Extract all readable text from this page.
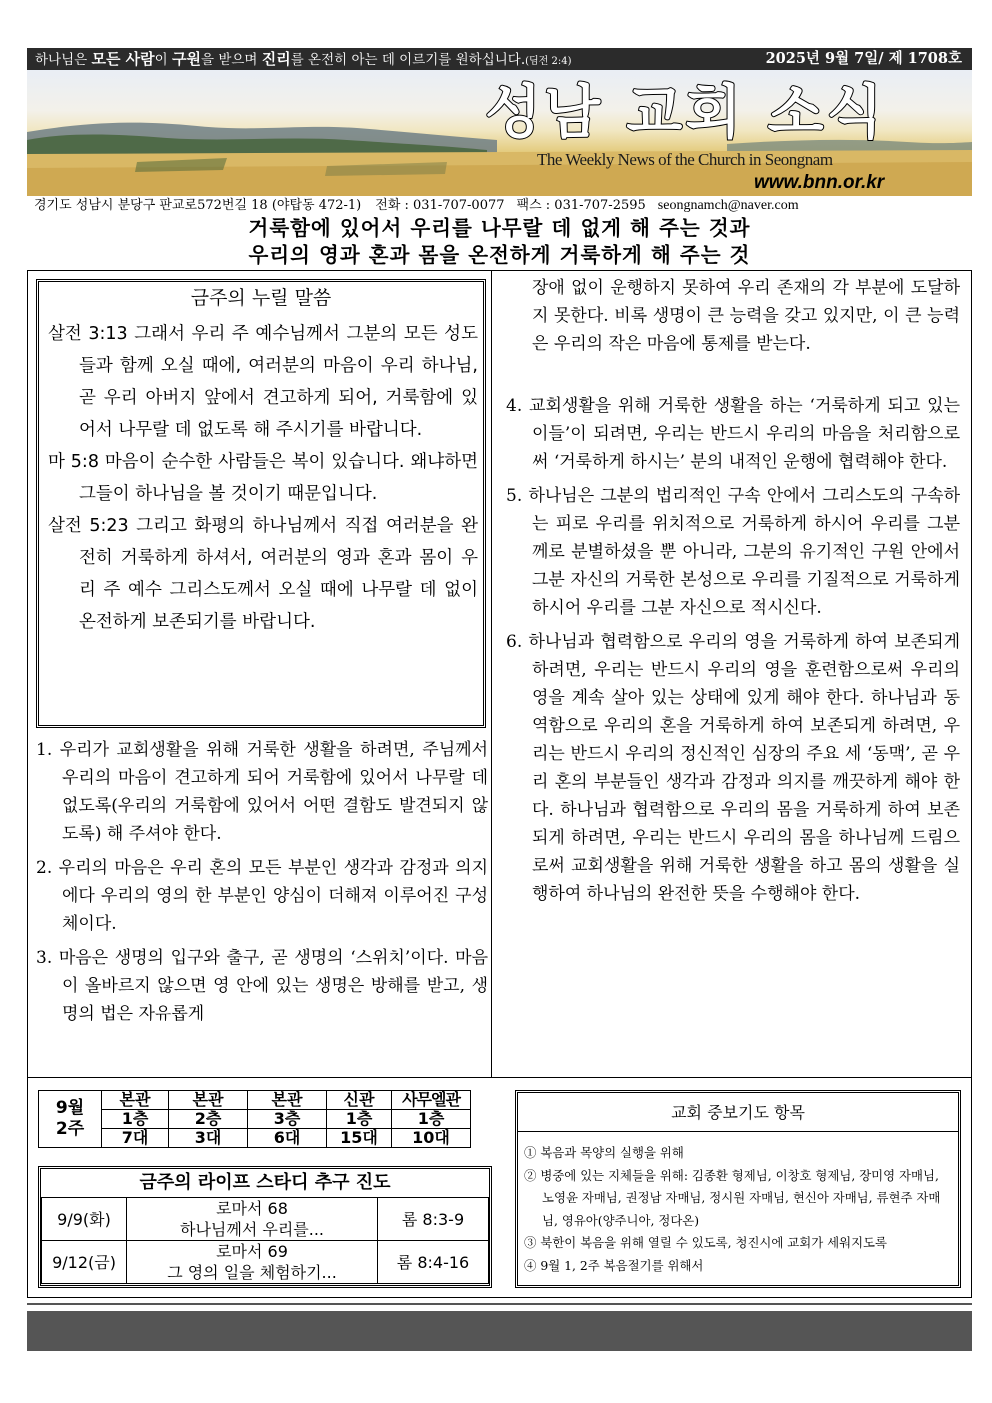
하나님은 모든 사람이 구원을 받으며 진리를 온전히 아는 데 이르기를 원하십니다.(딤전 2:4)	2025년 9월 7일/ 제 1708호
성남 교회 소식
The Weekly News of the Church in Seongnam
www.bnn.or.kr
경기도 성남시 분당구 판교로572번길 18 (야탑동 472-1) 전화 : 031-707-0077 팩스 : 031-707-2595 seongnamch@naver.com
거룩함에 있어서 우리를 나무랄 데 없게 해 주는 것과
우리의 영과 혼과 몸을 온전하게 거룩하게 해 주는 것
금주의 누릴 말씀
살전 3:13 그래서 우리 주 예수님께서 그분의 모든 성도들과 함께 오실 때에, 여러분의 마음이 우리 하나님, 곧 우리 아버지 앞에서 견고하게 되어, 거룩함에 있어서 나무랄 데 없도록 해 주시기를 바랍니다.
마 5:8 마음이 순수한 사람들은 복이 있습니다. 왜냐하면 그들이 하나님을 볼 것이기 때문입니다.
살전 5:23 그리고 화평의 하나님께서 직접 여러분을 완전히 거룩하게 하셔서, 여러분의 영과 혼과 몸이 우리 주 예수 그리스도께서 오실 때에 나무랄 데 없이 온전하게 보존되기를 바랍니다.
1. 우리가 교회생활을 위해 거룩한 생활을 하려면, 주님께서 우리의 마음이 견고하게 되어 거룩함에 있어서 나무랄 데 없도록(우리의 거룩함에 있어서 어떤 결함도 발견되지 않도록) 해 주셔야 한다.
2. 우리의 마음은 우리 혼의 모든 부분인 생각과 감정과 의지에다 우리의 영의 한 부분인 양심이 더해져 이루어진 구성체이다.
3. 마음은 생명의 입구와 출구, 곧 생명의 ‘스위치’이다. 마음이 올바르지 않으면 영 안에 있는 생명은 방해를 받고, 생명의 법은 자유롭게

장애 없이 운행하지 못하여 우리 존재의 각 부분에 도달하지 못한다. 비록 생명이 큰 능력을 갖고 있지만, 이 큰 능력은 우리의 작은 마음에 통제를 받는다.

4. 교회생활을 위해 거룩한 생활을 하는 ‘거룩하게 되고 있는 이들’이 되려면, 우리는 반드시 우리의 마음을 처리함으로써 ‘거룩하게 하시는’ 분의 내적인 운행에 협력해야 한다.
5. 하나님은 그분의 법리적인 구속 안에서 그리스도의 구속하는 피로 우리를 위치적으로 거룩하게 하시어 우리를 그분께로 분별하셨을 뿐 아니라, 그분의 유기적인 구원 안에서 그분 자신의 거룩한 본성으로 우리를 기질적으로 거룩하게 하시어 우리를 그분 자신으로 적시신다.
6. 하나님과 협력함으로 우리의 영을 거룩하게 하여 보존되게 하려면, 우리는 반드시 우리의 영을 훈련함으로써 우리의 영을 계속 살아 있는 상태에 있게 해야 한다. 하나님과 동역함으로 우리의 혼을 거룩하게 하여 보존되게 하려면, 우리는 반드시 우리의 정신적인 심장의 주요 세 ‘동맥’, 곧 우리 혼의 부분들인 생각과 감정과 의지를 깨끗하게 해야 한다. 하나님과 협력함으로 우리의 몸을 거룩하게 하여 보존되게 하려면, 우리는 반드시 우리의 몸을 하나님께 드림으로써 교회생활을 위해 거룩한 생활을 하고 몸의 생활을 실행하여 하나님의 완전한 뜻을 수행해야 한다.
9월
2주	본관	본관	본관	신관	사무엘관
	1층	2층	3층	1층	1층
	7대	3대	6대	15대	10대
금주의 라이프 스타디 추구 진도
9/9(화)	로마서 68
하나님께서 우리를...	롬 8:3-9
9/12(금)	로마서 69
그 영의 일을 체험하기...	롬 8:4-16
교회 중보기도 항목
① 복음과 목양의 실행을 위해
② 병중에 있는 지체들을 위해: 김종환 형제님, 이창호 형제님, 장미영 자매님, 노영윤 자매님, 권정남 자매님, 정시원 자매님, 현신아 자매님, 류현주 자매님, 영유아(양주니아, 정다온)
③ 북한이 복음을 위해 열릴 수 있도록, 청진시에 교회가 세워지도록
④ 9월 1, 2주 복음절기를 위해서
